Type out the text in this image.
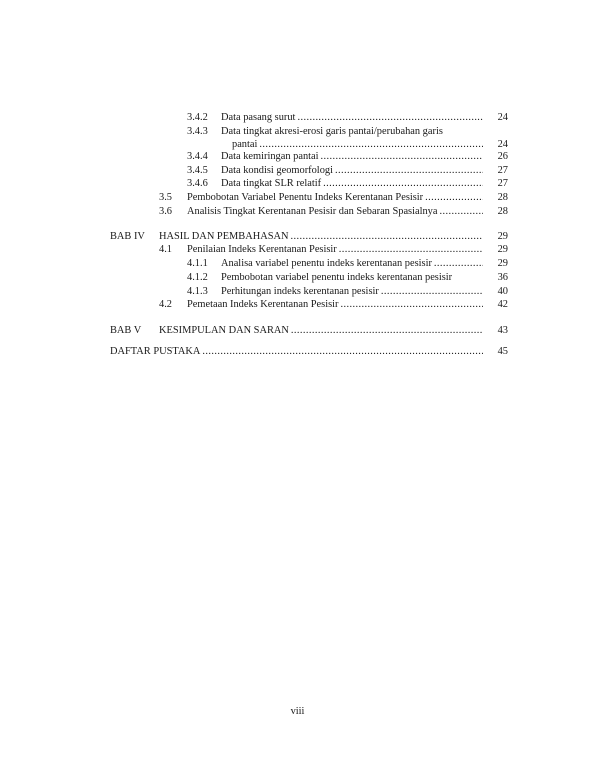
3.4.2 Data pasang surut .....	24
3.4.3 Data tingkat akresi-erosi garis pantai/perubahan garis
pantai .....	24
3.4.4 Data kemiringan pantai .....	26
3.4.5 Data kondisi geomorfologi .....	27
3.4.6 Data tingkat SLR relatif .....	27
3.5 Pembobotan Variabel Penentu Indeks Kerentanan Pesisir .....	28
3.6 Analisis Tingkat Kerentanan Pesisir dan Sebaran Spasialnya .....	28
BAB IV HASIL DAN PEMBAHASAN .....	29
4.1 Penilaian Indeks Kerentanan Pesisir .....	29
4.1.1 Analisa variabel penentu indeks kerentanan pesisir .....	29
4.1.2 Pembobotan variabel penentu indeks kerentanan pesisir	36
4.1.3 Perhitungan indeks kerentanan pesisir .....	40
4.2 Pemetaan Indeks Kerentanan Pesisir .....	42
BAB V KESIMPULAN DAN SARAN .....	43
DAFTAR PUSTAKA .....	45
viii
